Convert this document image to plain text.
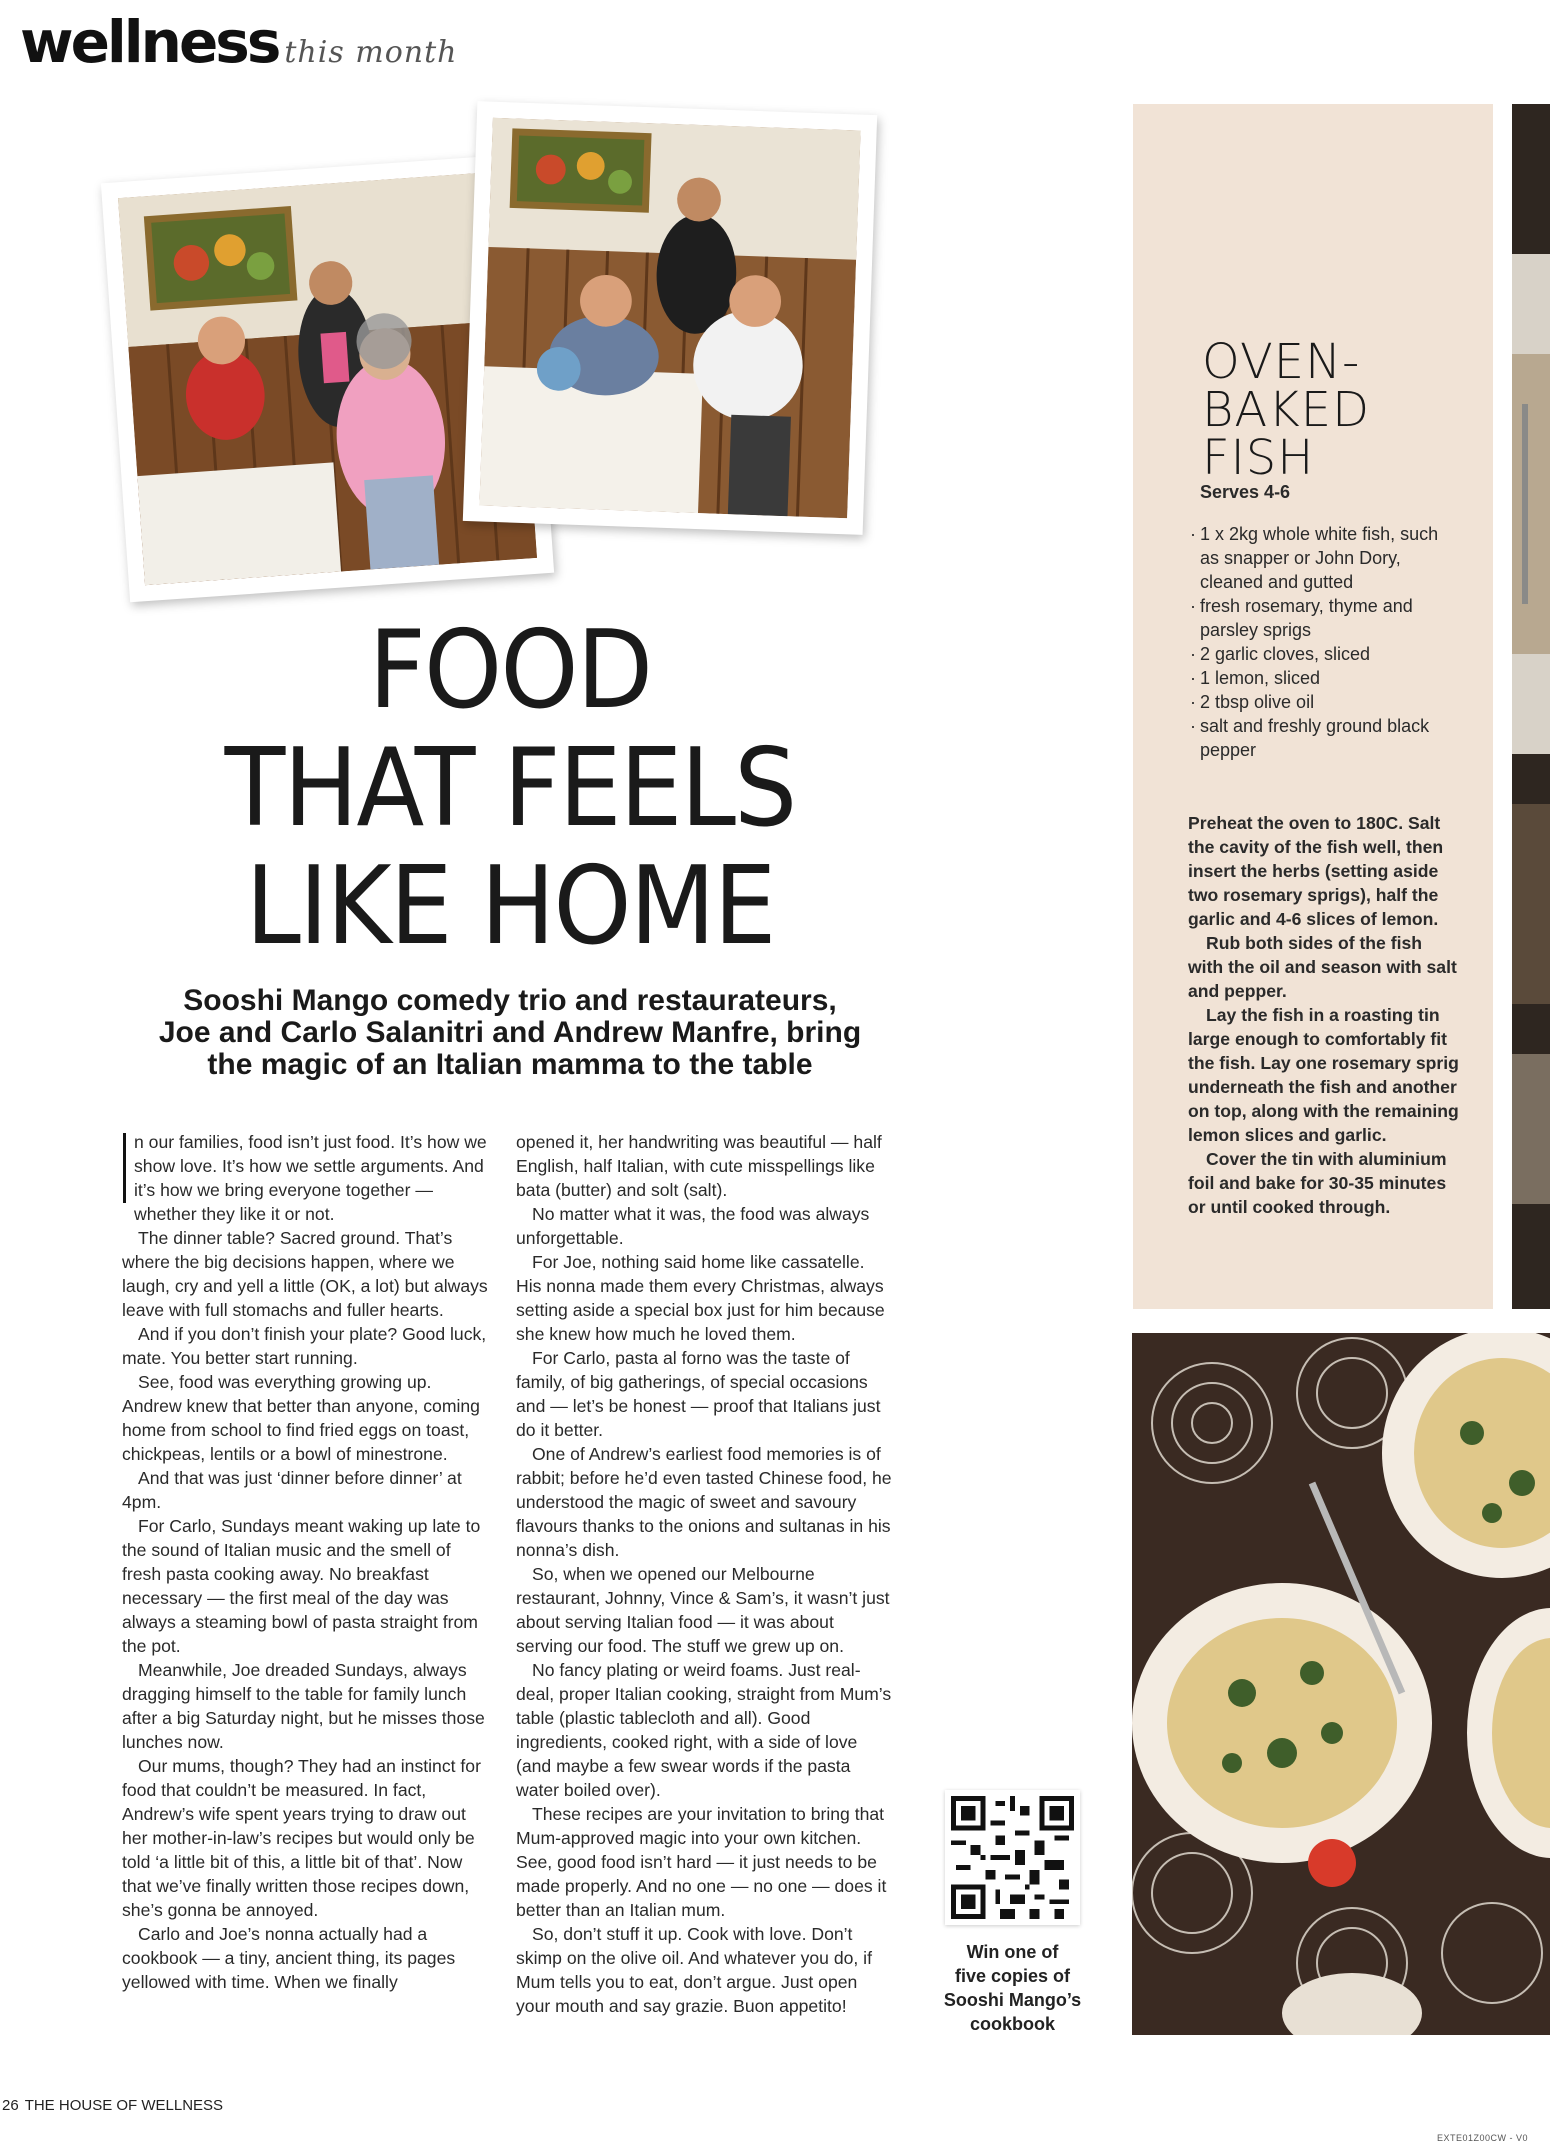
wellness this month
FOOD
THAT FEELS
LIKE HOME
Sooshi Mango comedy trio and restaurateurs,
Joe and Carlo Salanitri and Andrew Manfre, bring
the magic of an Italian mamma to the table

n our families, food isn’t just food. It’s how we show love. It’s how we settle arguments. And it’s how we bring everyone together — whether they like it or not.

The dinner table? Sacred ground. That’s where the big decisions happen, where we laugh, cry and yell a little (OK, a lot) but always leave with full stomachs and fuller hearts.

And if you don’t finish your plate? Good luck, mate. You better start running.

See, food was everything growing up. Andrew knew that better than anyone, coming home from school to find fried eggs on toast, chickpeas, lentils or a bowl of minestrone.

And that was just ‘dinner before dinner’ at 4pm.

For Carlo, Sundays meant waking up late to the sound of Italian music and the smell of fresh pasta cooking away. No breakfast necessary — the first meal of the day was always a steaming bowl of pasta straight from the pot.

Meanwhile, Joe dreaded Sundays, always dragging himself to the table for family lunch after a big Saturday night, but he misses those lunches now.

Our mums, though? They had an instinct for food that couldn’t be measured. In fact, Andrew’s wife spent years trying to draw out her mother-in-law’s recipes but would only be told ‘a little bit of this, a little bit of that’. Now that we’ve finally written those recipes down, she’s gonna be annoyed.

Carlo and Joe’s nonna actually had a cookbook — a tiny, ancient thing, its pages yellowed with time. When we finally

opened it, her handwriting was beautiful — half English, half Italian, with cute misspellings like bata (butter) and solt (salt).

No matter what it was, the food was always unforgettable.

For Joe, nothing said home like cassatelle. His nonna made them every Christmas, always setting aside a special box just for him because she knew how much he loved them.

For Carlo, pasta al forno was the taste of family, of big gatherings, of special occasions and — let’s be honest — proof that Italians just do it better.

One of Andrew’s earliest food memories is of rabbit; before he’d even tasted Chinese food, he understood the magic of sweet and savoury flavours thanks to the onions and sultanas in his nonna’s dish.

So, when we opened our Melbourne restaurant, Johnny, Vince & Sam’s, it wasn’t just about serving Italian food — it was about serving our food. The stuff we grew up on.

No fancy plating or weird foams. Just real-deal, proper Italian cooking, straight from Mum’s table (plastic tablecloth and all). Good ingredients, cooked right, with a side of love (and maybe a few swear words if the pasta water boiled over).

These recipes are your invitation to bring that Mum-approved magic into your own kitchen. See, good food isn’t hard — it just needs to be made properly. And no one — no one — does it better than an Italian mum.

So, don’t stuff it up. Cook with love. Don’t skimp on the olive oil. And whatever you do, if Mum tells you to eat, don’t argue. Just open your mouth and say grazie. Buon appetito!

Win one of
five copies of
Sooshi Mango’s
cookbook
OVEN-
BAKED
FISH
Serves 4-6
· 1 x 2kg whole white fish, such as snapper or John Dory, cleaned and gutted
· fresh rosemary, thyme and parsley sprigs
· 2 garlic cloves, sliced
· 1 lemon, sliced
· 2 tbsp olive oil
· salt and freshly ground black pepper

Preheat the oven to 180C. Salt the cavity of the fish well, then insert the herbs (setting aside two rosemary sprigs), half the garlic and 4-6 slices of lemon.

Rub both sides of the fish with the oil and season with salt and pepper.

Lay the fish in a roasting tin large enough to comfortably fit the fish. Lay one rosemary sprig underneath the fish and another on top, along with the remaining lemon slices and garlic.

Cover the tin with aluminium foil and bake for 30-35 minutes or until cooked through.

26 THE HOUSE OF WELLNESS
EXTE01Z00CW - V0
